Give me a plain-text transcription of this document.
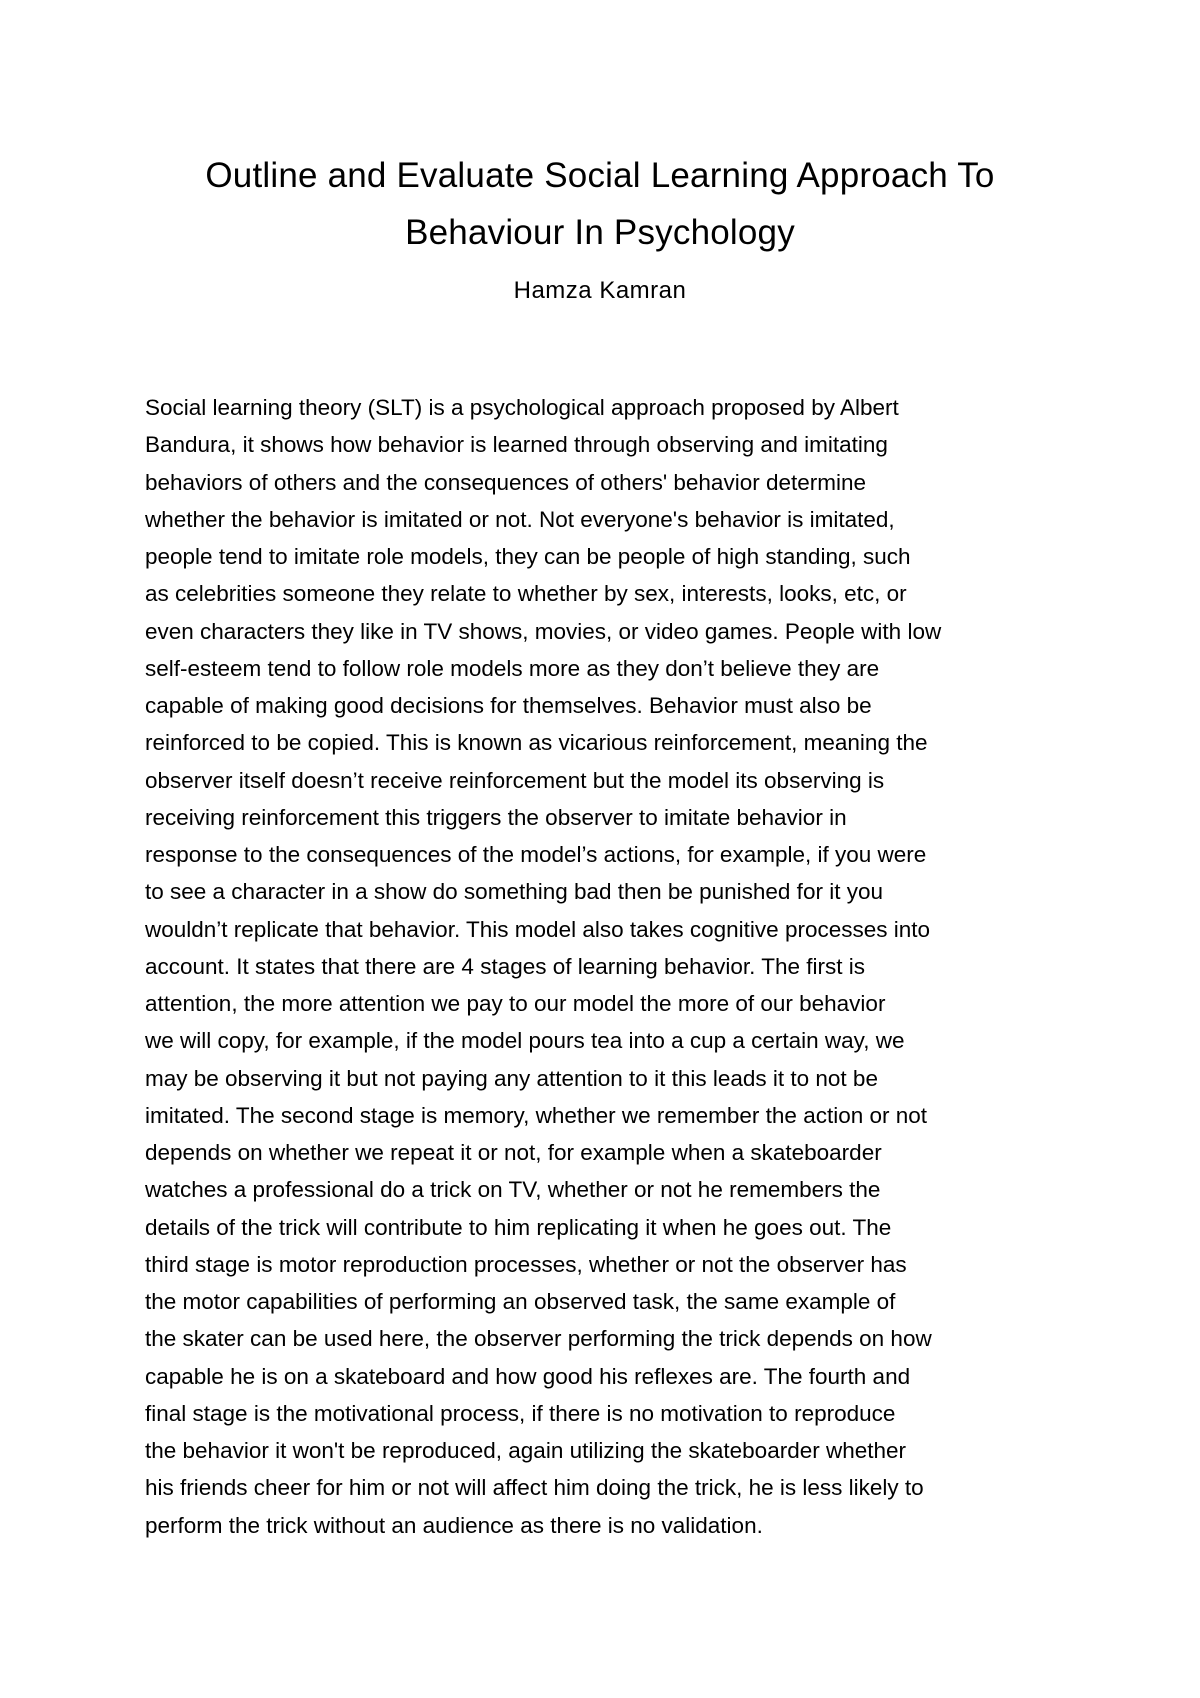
Outline and Evaluate Social Learning Approach To
Behaviour In Psychology

Hamza Kamran

Social learning theory (SLT) is a psychological approach proposed by Albert
Bandura, it shows how behavior is learned through observing and imitating
behaviors of others and the consequences of others' behavior determine
whether the behavior is imitated or not. Not everyone's behavior is imitated,
people tend to imitate role models, they can be people of high standing, such
as celebrities someone they relate to whether by sex, interests, looks, etc, or
even characters they like in TV shows, movies, or video games. People with low
self-esteem tend to follow role models more as they don’t believe they are
capable of making good decisions for themselves. Behavior must also be
reinforced to be copied. This is known as vicarious reinforcement, meaning the
observer itself doesn’t receive reinforcement but the model its observing is
receiving reinforcement this triggers the observer to imitate behavior in
response to the consequences of the model’s actions, for example, if you were
to see a character in a show do something bad then be punished for it you
wouldn’t replicate that behavior. This model also takes cognitive processes into
account. It states that there are 4 stages of learning behavior. The first is
attention, the more attention we pay to our model the more of our behavior
we will copy, for example, if the model pours tea into a cup a certain way, we
may be observing it but not paying any attention to it this leads it to not be
imitated. The second stage is memory, whether we remember the action or not
depends on whether we repeat it or not, for example when a skateboarder
watches a professional do a trick on TV, whether or not he remembers the
details of the trick will contribute to him replicating it when he goes out. The
third stage is motor reproduction processes, whether or not the observer has
the motor capabilities of performing an observed task, the same example of
the skater can be used here, the observer performing the trick depends on how
capable he is on a skateboard and how good his reflexes are. The fourth and
final stage is the motivational process, if there is no motivation to reproduce
the behavior it won't be reproduced, again utilizing the skateboarder whether
his friends cheer for him or not will affect him doing the trick, he is less likely to
perform the trick without an audience as there is no validation.
